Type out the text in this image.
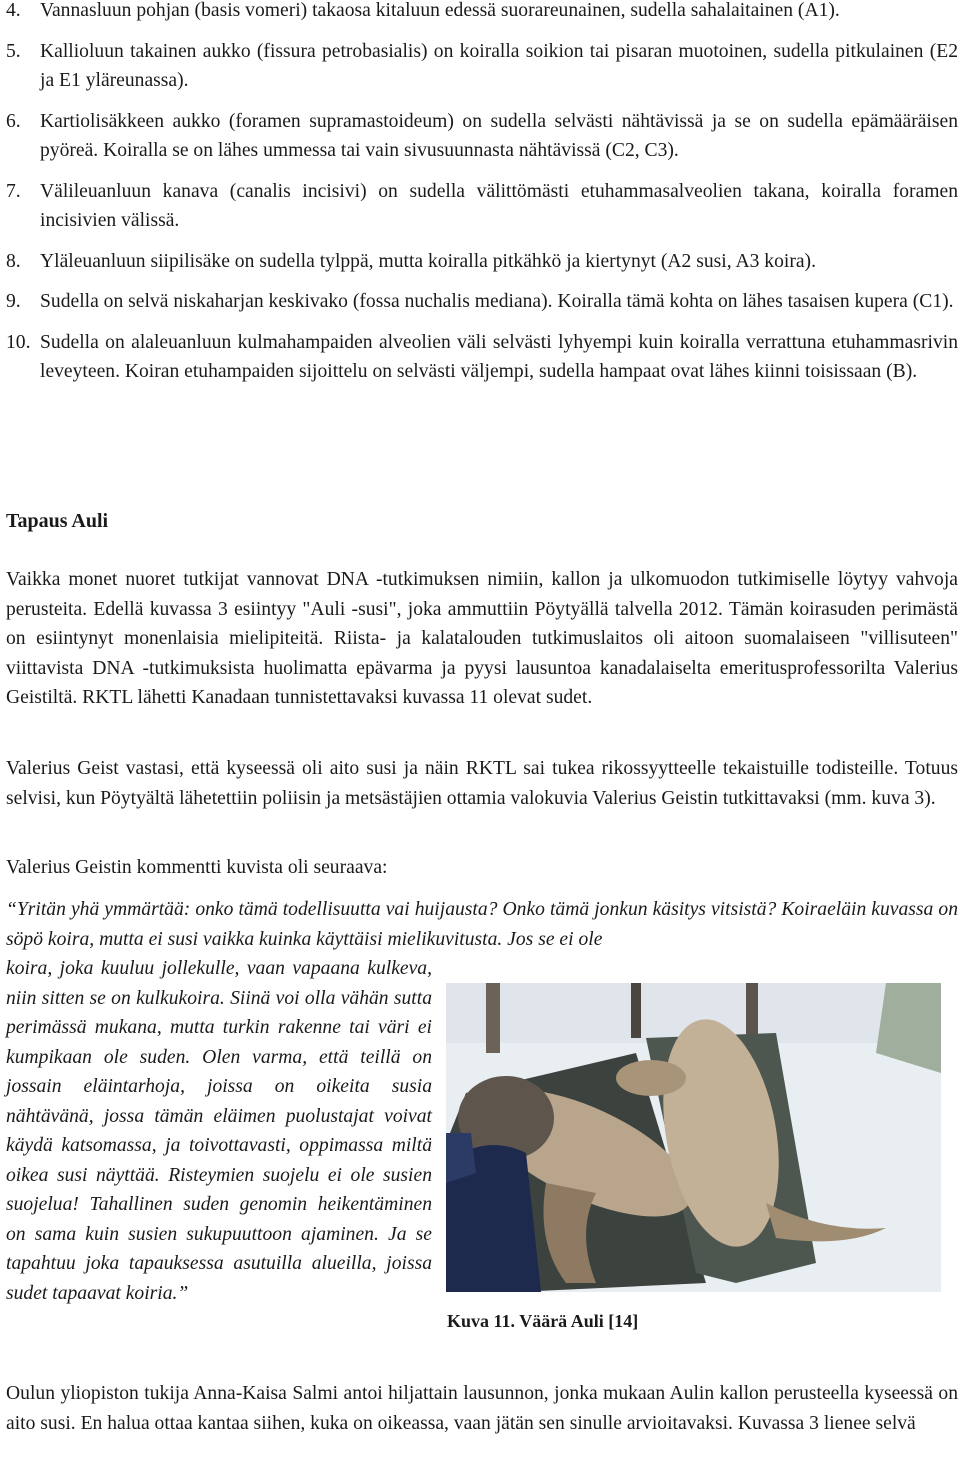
4. Vannasluun pohjan (basis vomeri) takaosa kitaluun edessä suorareunainen, sudella sahalaitainen (A1).
5. Kallioluun takainen aukko (fissura petrobasialis) on koiralla soikion tai pisaran muotoinen, sudella pitkulainen (E2 ja E1 yläreunassa).
6. Kartiolisäkkeen aukko (foramen supramastoideum) on sudella selvästi nähtävissä ja se on sudella epämääräisen pyöreä. Koiralla se on lähes ummessa tai vain sivusuunnasta nähtävissä (C2, C3).
7. Välileuanluun kanava (canalis incisivi) on sudella välittömästi etuhammasalveolien takana, koiralla foramen incisivien välissä.
8. Yläleuanluun siipilisäke on sudella tylppä, mutta koiralla pitkähkö ja kiertynyt (A2 susi, A3 koira).
9. Sudella on selvä niskaharjan keskivako (fossa nuchalis mediana). Koiralla tämä kohta on lähes tasaisen kupera (C1).
10. Sudella on alaleuanluun kulmahampaiden alveolien väli selvästi lyhyempi kuin koiralla verrattuna etuhammasrivin leveyteen. Koiran etuhampaiden sijoittelu on selvästi väljempi, sudella hampaat ovat lähes kiinni toisissaan (B).
Tapaus Auli

Vaikka monet nuoret tutkijat vannovat DNA -tutkimuksen nimiin, kallon ja ulkomuodon tutkimiselle löytyy vahvoja perusteita. Edellä kuvassa 3 esiintyy "Auli -susi", joka ammuttiin Pöytyällä talvella 2012. Tämän koirasuden perimästä on esiintynyt monenlaisia mielipiteitä. Riista- ja kalatalouden tutkimuslaitos oli aitoon suomalaiseen "villisuteen" viittavista DNA -tutkimuksista huolimatta epävarma ja pyysi lausuntoa kanadalaiselta emeritusprofessorilta Valerius Geistiltä. RKTL lähetti Kanadaan tunnistettavaksi kuvassa 11 olevat sudet.

Valerius Geist vastasi, että kyseessä oli aito susi ja näin RKTL sai tukea rikossyytteelle tekaistuille todisteille. Totuus selvisi, kun Pöytyältä lähetettiin poliisin ja metsästäjien ottamia valokuvia Valerius Geistin tutkittavaksi (mm. kuva 3).

Valerius Geistin kommentti kuvista oli seuraava:

“Yritän yhä ymmärtää: onko tämä todellisuutta vai huijausta? Onko tämä jonkun käsitys vitsistä? Koiraeläin kuvassa on söpö koira, mutta ei susi vaikka kuinka käyttäisi mielikuvitusta. Jos se ei ole

koira, joka kuuluu jollekulle, vaan vapaana kulkeva, niin sitten se on kulkukoira. Siinä voi olla vähän sutta perimässä mukana, mutta turkin rakenne tai väri ei kumpikaan ole suden. Olen varma, että teillä on jossain eläintarhoja, joissa on oikeita susia nähtävänä, jossa tämän eläimen puolustajat voivat käydä katsomassa, ja toivottavasti, oppimassa miltä oikea susi näyttää. Risteymien suojelu ei ole susien suojelua! Tahallinen suden genomin heikentäminen on sama kuin susien sukupuuttoon ajaminen. Ja se tapahtuu joka tapauksessa asutuilla alueilla, joissa sudet tapaavat koiria.”

Kuva 11. Väärä Auli [14]

Oulun yliopiston tukija Anna-Kaisa Salmi antoi hiljattain lausunnon, jonka mukaan Aulin kallon perusteella kyseessä on aito susi. En halua ottaa kantaa siihen, kuka on oikeassa, vaan jätän sen sinulle arvioitavaksi. Kuvassa 3 lienee selvä
